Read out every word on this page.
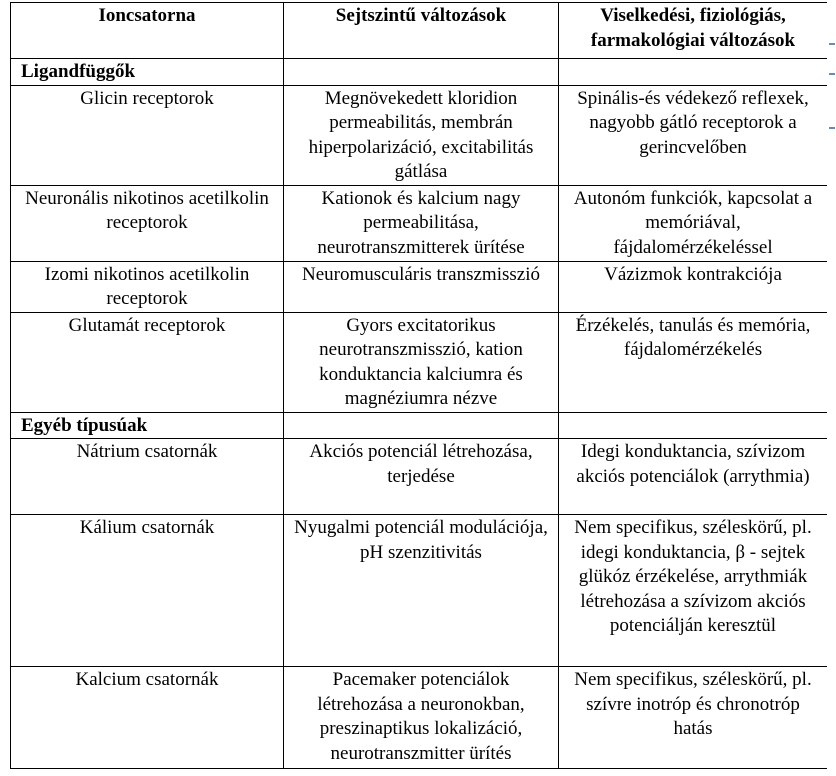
Ioncsatorna	Sejtszintű változások	Viselkedési, fiziológiás, farmakológiai változások
Ligandfüggők		
Glicin receptorok	Megnövekedett kloridion permeabilitás, membrán hiperpolarizáció, excitabilitás gátlása	Spinális-és védekező reflexek, nagyobb gátló receptorok a gerincvelőben
Neuronális nikotinos acetilkolin receptorok	Kationok és kalcium nagy permeabilitása, neurotranszmitterek ürítése	Autonóm funkciók, kapcsolat a memóriával, fájdalomérzékeléssel
Izomi nikotinos acetilkolin receptorok	Neuromusculáris transzmisszió	Vázizmok kontrakciója
Glutamát receptorok	Gyors excitatorikus neurotranszmisszió, kation konduktancia kalciumra és magnéziumra nézve	Érzékelés, tanulás és memória, fájdalomérzékelés
Egyéb típusúak		
Nátrium csatornák	Akciós potenciál létrehozása, terjedése	Idegi konduktancia, szívizom akciós potenciálok (arrythmia)
Kálium csatornák	Nyugalmi potenciál modulációja, pH szenzitivitás	Nem specifikus, széleskörű, pl. idegi konduktancia, β - sejtek glükóz érzékelése, arrythmiák létrehozása a szívizom akciós potenciálján keresztül
Kalcium csatornák	Pacemaker potenciálok létrehozása a neuronokban, preszinaptikus lokalizáció, neurotranszmitter ürítés	Nem specifikus, széleskörű, pl. szívre inotróp és chronotróp hatás
